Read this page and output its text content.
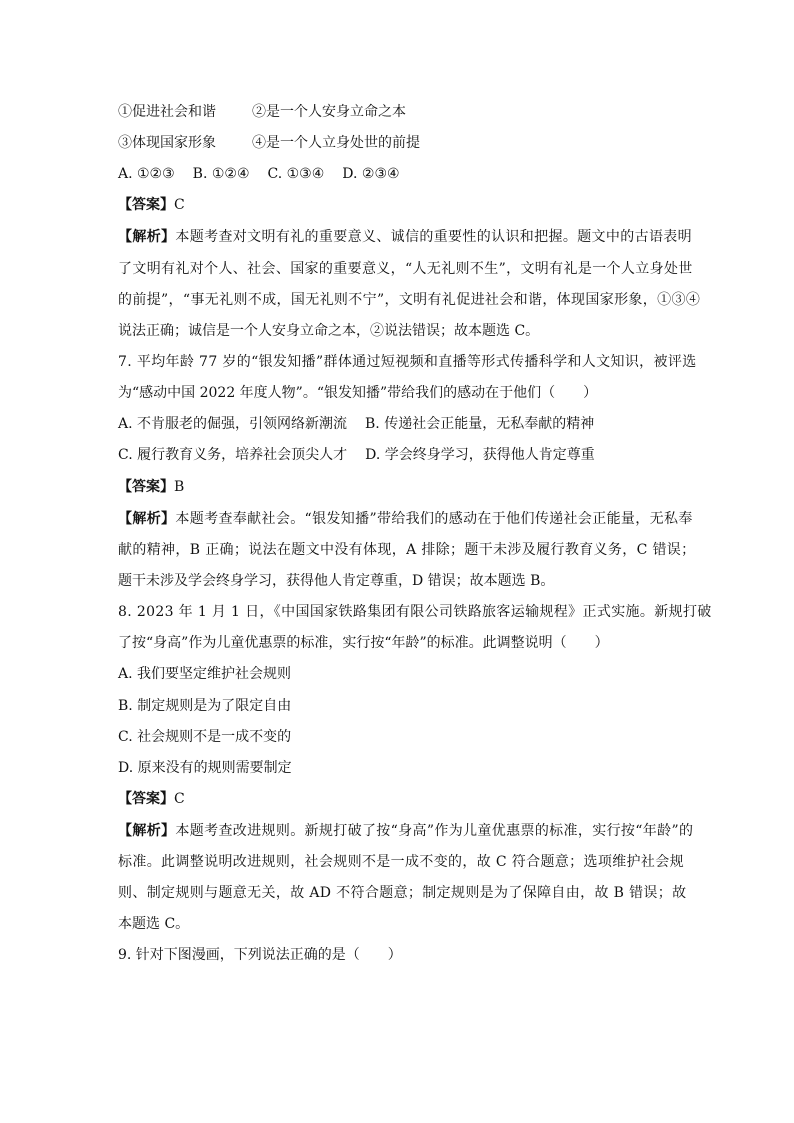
①促进社会和谐	②是一个人安身立命之本
③体现国家形象	④是一个人立身处世的前提
A. ①②③ B. ①②④ C. ①③④ D. ②③④
【答案】C
【解析】本题考查对文明有礼的重要意义、诚信的重要性的认识和把握。题文中的古语表明
了文明有礼对个人、社会、国家的重要意义，“人无礼则不生”，文明有礼是一个人立身处世
的前提”，“事无礼则不成，国无礼则不宁”，文明有礼促进社会和谐，体现国家形象，①③④
说法正确；诚信是一个人安身立命之本，②说法错误；故本题选 C。
7. 平均年龄 77 岁的“银发知播”群体通过短视频和直播等形式传播科学和人文知识，被评选
为“感动中国 2022 年度人物”。“银发知播”带给我们的感动在于他们（　　）
A. 不肯服老的倔强，引领网络新潮流 B. 传递社会正能量，无私奉献的精神
C. 履行教育义务，培养社会顶尖人才 D. 学会终身学习，获得他人肯定尊重
【答案】B
【解析】本题考查奉献社会。“银发知播”带给我们的感动在于他们传递社会正能量，无私奉
献的精神，B 正确；说法在题文中没有体现，A 排除；题干未涉及履行教育义务，C 错误；
题干未涉及学会终身学习，获得他人肯定尊重，D 错误；故本题选 B。
8. 2023 年 1 月 1 日，《中国国家铁路集团有限公司铁路旅客运输规程》正式实施。新规打破
了按“身高”作为儿童优惠票的标准，实行按“年龄”的标准。此调整说明（　　）
A. 我们要坚定维护社会规则
B. 制定规则是为了限定自由
C. 社会规则不是一成不变的
D. 原来没有的规则需要制定
【答案】C
【解析】本题考查改进规则。新规打破了按“身高”作为儿童优惠票的标准，实行按“年龄”的
标准。此调整说明改进规则，社会规则不是一成不变的，故 C 符合题意；选项维护社会规
则、制定规则与题意无关，故 AD 不符合题意；制定规则是为了保障自由，故 B 错误；故
本题选 C。
9. 针对下图漫画，下列说法正确的是（　　）
